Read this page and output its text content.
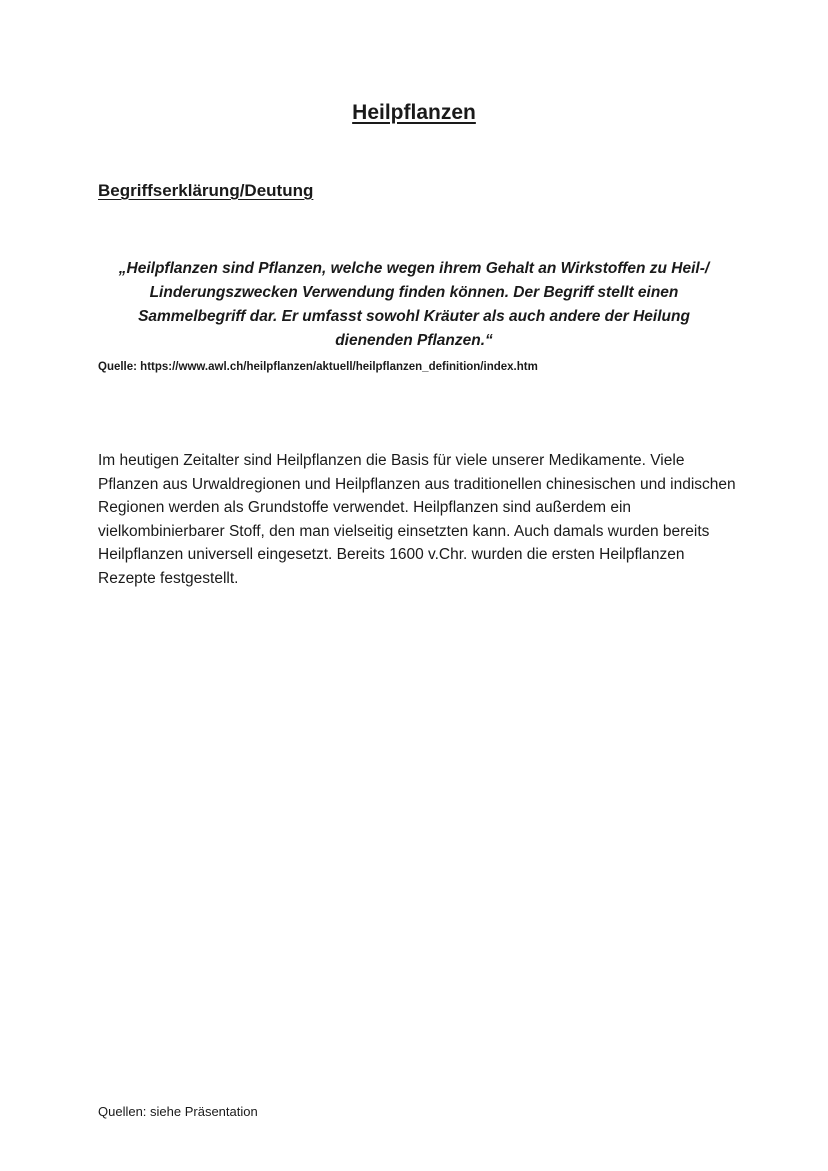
Heilpflanzen
Begriffserklärung/Deutung

„Heilpflanzen sind Pflanzen, welche wegen ihrem Gehalt an Wirkstoffen zu Heil-/ Linderungszwecken Verwendung finden können. Der Begriff stellt einen Sammelbegriff dar. Er umfasst sowohl Kräuter als auch andere der Heilung dienenden Pflanzen.“

Quelle: https://www.awl.ch/heilpflanzen/aktuell/heilpflanzen_definition/index.htm

Im heutigen Zeitalter sind Heilpflanzen die Basis für viele unserer Medikamente. Viele Pflanzen aus Urwaldregionen und Heilpflanzen aus traditionellen chinesischen und indischen Regionen werden als Grundstoffe verwendet. Heilpflanzen sind außerdem ein vielkombinierbarer Stoff, den man vielseitig einsetzten kann. Auch damals wurden bereits Heilpflanzen universell eingesetzt. Bereits 1600 v.Chr. wurden die ersten Heilpflanzen Rezepte festgestellt.

Quellen: siehe Präsentation
